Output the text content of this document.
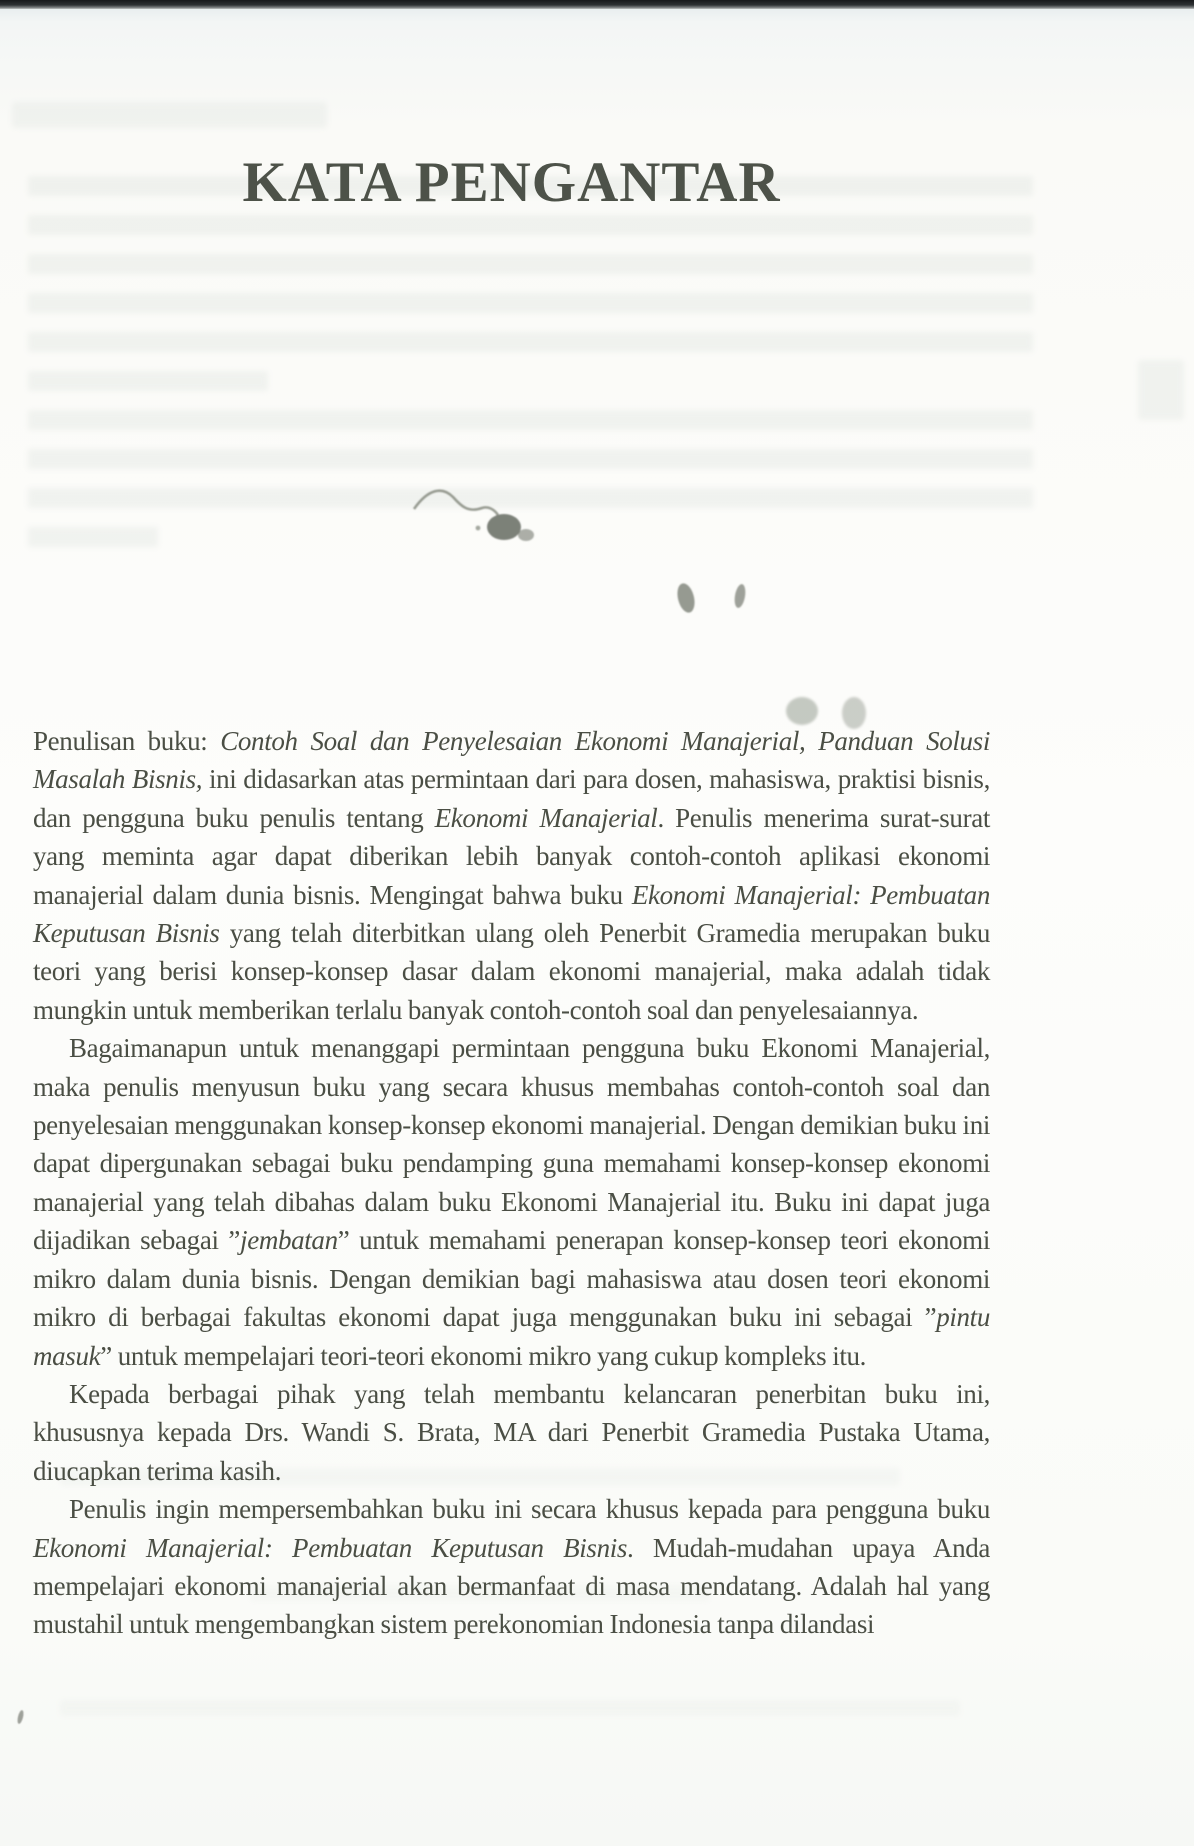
KATA PENGANTAR

Penulisan buku: Contoh Soal dan Penyelesaian Ekonomi Manajerial, Panduan Solusi Masalah Bisnis, ini didasarkan atas permintaan dari para dosen, mahasiswa, praktisi bisnis, dan pengguna buku penulis tentang Ekonomi Manajerial. Penulis menerima surat-surat yang meminta agar dapat diberikan lebih banyak contoh-contoh aplikasi ekonomi manajerial dalam dunia bisnis. Mengingat bahwa buku Ekonomi Manajerial: Pembuatan Keputusan Bisnis yang telah diterbitkan ulang oleh Penerbit Gramedia merupakan buku teori yang berisi konsep-konsep dasar dalam ekonomi manajerial, maka adalah tidak mungkin untuk memberikan terlalu banyak contoh-contoh soal dan penyelesaiannya.

Bagaimanapun untuk menanggapi permintaan pengguna buku Ekonomi Manajerial, maka penulis menyusun buku yang secara khusus membahas contoh-contoh soal dan penyelesaian menggunakan konsep-konsep ekonomi manajerial. Dengan demikian buku ini dapat dipergunakan sebagai buku pendamping guna memahami konsep-konsep ekonomi manajerial yang telah dibahas dalam buku Ekonomi Manajerial itu. Buku ini dapat juga dijadikan sebagai ”jembatan” untuk memahami penerapan konsep-konsep teori ekonomi mikro dalam dunia bisnis. Dengan demikian bagi mahasiswa atau dosen teori ekonomi mikro di berbagai fakultas ekonomi dapat juga menggunakan buku ini sebagai ”pintu masuk” untuk mempelajari teori-teori ekonomi mikro yang cukup kompleks itu.

Kepada berbagai pihak yang telah membantu kelancaran penerbitan buku ini, khususnya kepada Drs. Wandi S. Brata, MA dari Penerbit Gramedia Pustaka Utama, diucapkan terima kasih.

Penulis ingin mempersembahkan buku ini secara khusus kepada para pengguna buku Ekonomi Manajerial: Pembuatan Keputusan Bisnis. Mudah-mudahan upaya Anda mempelajari ekonomi manajerial akan bermanfaat di masa mendatang. Adalah hal yang mustahil untuk mengembangkan sistem perekonomian Indonesia tanpa dilandasi
